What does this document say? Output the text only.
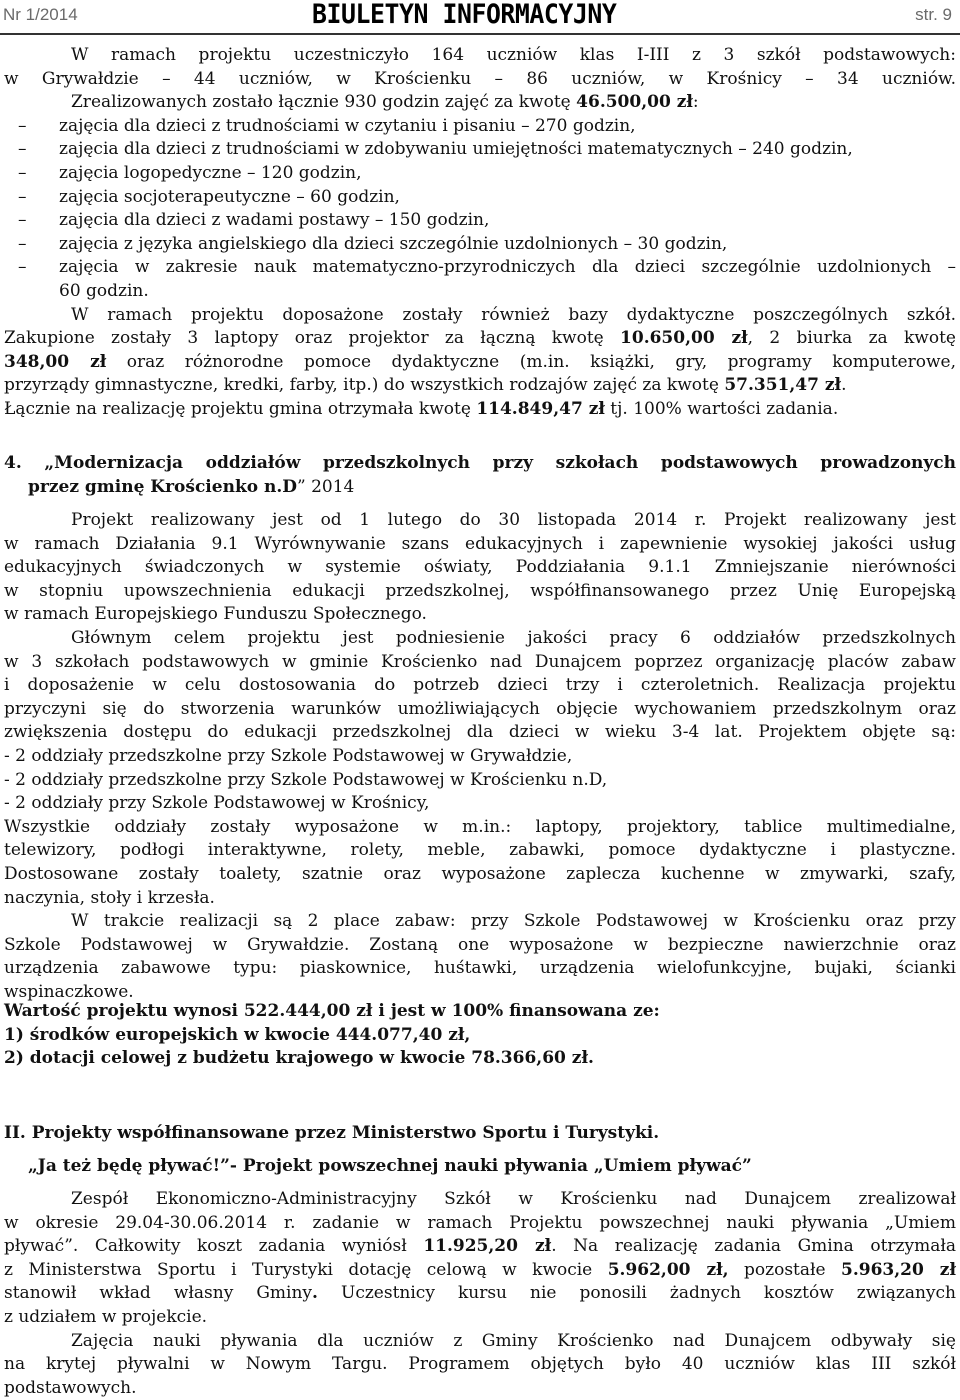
Nr 1/2014	BIULETYN INFORMACYJNY	str. 9

W ramach projektu uczestniczyło 164 uczniów klas I-III z 3 szkół podstawowych:

w Grywałdzie – 44 uczniów, w Krościenku – 86 uczniów, w Krośnicy – 34 uczniów.

Zrealizowanych zostało łącznie 930 godzin zajęć za kwotę 46.500,00 zł:

– zajęcia dla dzieci z trudnościami w czytaniu i pisaniu – 270 godzin,

– zajęcia dla dzieci z trudnościami w zdobywaniu umiejętności matematycznych – 240 godzin,

– zajęcia logopedyczne – 120 godzin,

– zajęcia socjoterapeutyczne – 60 godzin,

– zajęcia dla dzieci z wadami postawy – 150 godzin,

– zajęcia z języka angielskiego dla dzieci szczególnie uzdolnionych – 30 godzin,

– zajęcia w zakresie nauk matematyczno-przyrodniczych dla dzieci szczególnie uzdolnionych –

60 godzin.

W ramach projektu doposażone zostały również bazy dydaktyczne poszczególnych szkół.

Zakupione zostały 3 laptopy oraz projektor za łączną kwotę 10.650,00 zł, 2 biurka za kwotę

348,00 zł oraz różnorodne pomoce dydaktyczne (m.in. książki, gry, programy komputerowe,

przyrządy gimnastyczne, kredki, farby, itp.) do wszystkich rodzajów zajęć za kwotę 57.351,47 zł.

Łącznie na realizację projektu gmina otrzymała kwotę 114.849,47 zł tj. 100% wartości zadania.

4. „Modernizacja oddziałów przedszkolnych przy szkołach podstawowych prowadzonych

przez gminę Krościenko n.D” 2014

Projekt realizowany jest od 1 lutego do 30 listopada 2014 r. Projekt realizowany jest

w ramach Działania 9.1 Wyrównywanie szans edukacyjnych i zapewnienie wysokiej jakości usług

edukacyjnych świadczonych w systemie oświaty, Poddziałania 9.1.1 Zmniejszanie nierówności

w stopniu upowszechnienia edukacji przedszkolnej, współfinansowanego przez Unię Europejską

w ramach Europejskiego Funduszu Społecznego.

Głównym celem projektu jest podniesienie jakości pracy 6 oddziałów przedszkolnych

w 3 szkołach podstawowych w gminie Krościenko nad Dunajcem poprzez organizację placów zabaw

i doposażenie w celu dostosowania do potrzeb dzieci trzy i czteroletnich. Realizacja projektu

przyczyni się do stworzenia warunków umożliwiających objęcie wychowaniem przedszkolnym oraz

zwiększenia dostępu do edukacji przedszkolnej dla dzieci w wieku 3-4 lat. Projektem objęte są:

- 2 oddziały przedszkolne przy Szkole Podstawowej w Grywałdzie,

- 2 oddziały przedszkolne przy Szkole Podstawowej w Krościenku n.D,

- 2 oddziały przy Szkole Podstawowej w Krośnicy,

Wszystkie oddziały zostały wyposażone w m.in.: laptopy, projektory, tablice multimedialne,

telewizory, podłogi interaktywne, rolety, meble, zabawki, pomoce dydaktyczne i plastyczne.

Dostosowane zostały toalety, szatnie oraz wyposażone zaplecza kuchenne w zmywarki, szafy,

naczynia, stoły i krzesła.

W trakcie realizacji są 2 place zabaw: przy Szkole Podstawowej w Krościenku oraz przy

Szkole Podstawowej w Grywałdzie. Zostaną one wyposażone w bezpieczne nawierzchnie oraz

urządzenia zabawowe typu: piaskownice, huśtawki, urządzenia wielofunkcyjne, bujaki, ścianki

wspinaczkowe.

Wartość projektu wynosi 522.444,00 zł i jest w 100% finansowana ze:

1) środków europejskich w kwocie 444.077,40 zł,

2) dotacji celowej z budżetu krajowego w kwocie 78.366,60 zł.

II. Projekty współfinansowane przez Ministerstwo Sportu i Turystyki.

„Ja też będę pływać!”- Projekt powszechnej nauki pływania „Umiem pływać”

Zespół Ekonomiczno-Administracyjny Szkół w Krościenku nad Dunajcem zrealizował

w okresie 29.04-30.06.2014 r. zadanie w ramach Projektu powszechnej nauki pływania „Umiem

pływać”. Całkowity koszt zadania wyniósł 11.925,20 zł. Na realizację zadania Gmina otrzymała

z Ministerstwa Sportu i Turystyki dotację celową w kwocie 5.962,00 zł, pozostałe 5.963,20 zł

stanowił wkład własny Gminy. Uczestnicy kursu nie ponosili żadnych kosztów związanych

z udziałem w projekcie.

Zajęcia nauki pływania dla uczniów z Gminy Krościenko nad Dunajcem odbywały się

na krytej pływalni w Nowym Targu. Programem objętych było 40 uczniów klas III szkół

podstawowych.
